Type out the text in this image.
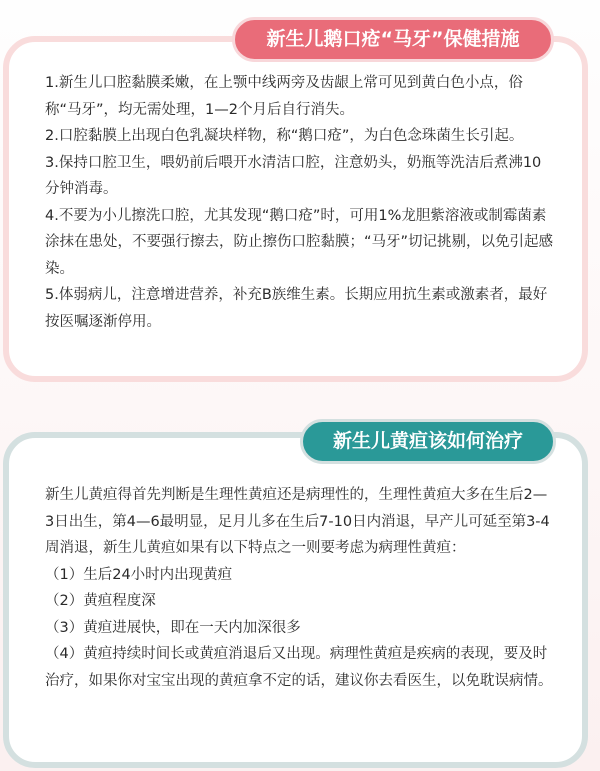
新生儿鹅口疮“马牙”保健措施

1.新生儿口腔黏膜柔嫩，在上颚中线两旁及齿龈上常可见到黄白色小点，俗称“马牙”，均无需处理，1—2个月后自行消失。

2.口腔黏膜上出现白色乳凝块样物，称“鹅口疮”，为白色念珠菌生长引起。

3.保持口腔卫生，喂奶前后喂开水清洁口腔，注意奶头，奶瓶等洗洁后煮沸10分钟消毒。

4.不要为小儿擦洗口腔，尤其发现“鹅口疮”时，可用1%龙胆紫溶液或制霉菌素涂抹在患处，不要强行擦去，防止擦伤口腔黏膜；“马牙”切记挑剔，以免引起感染。

5.体弱病儿，注意增进营养，补充B族维生素。长期应用抗生素或激素者，最好按医嘱逐渐停用。

新生儿黄疸该如何治疗

新生儿黄疸得首先判断是生理性黄疸还是病理性的，生理性黄疸大多在生后2—3日出生，第4—6最明显，足月儿多在生后7-10日内消退，早产儿可延至第3-4周消退，新生儿黄疸如果有以下特点之一则要考虑为病理性黄疸：

（1）生后24小时内出现黄疸

（2）黄疸程度深

（3）黄疸进展快，即在一天内加深很多

（4）黄疸持续时间长或黄疸消退后又出现。病理性黄疸是疾病的表现，要及时治疗，如果你对宝宝出现的黄疸拿不定的话，建议你去看医生，以免耽误病情。
